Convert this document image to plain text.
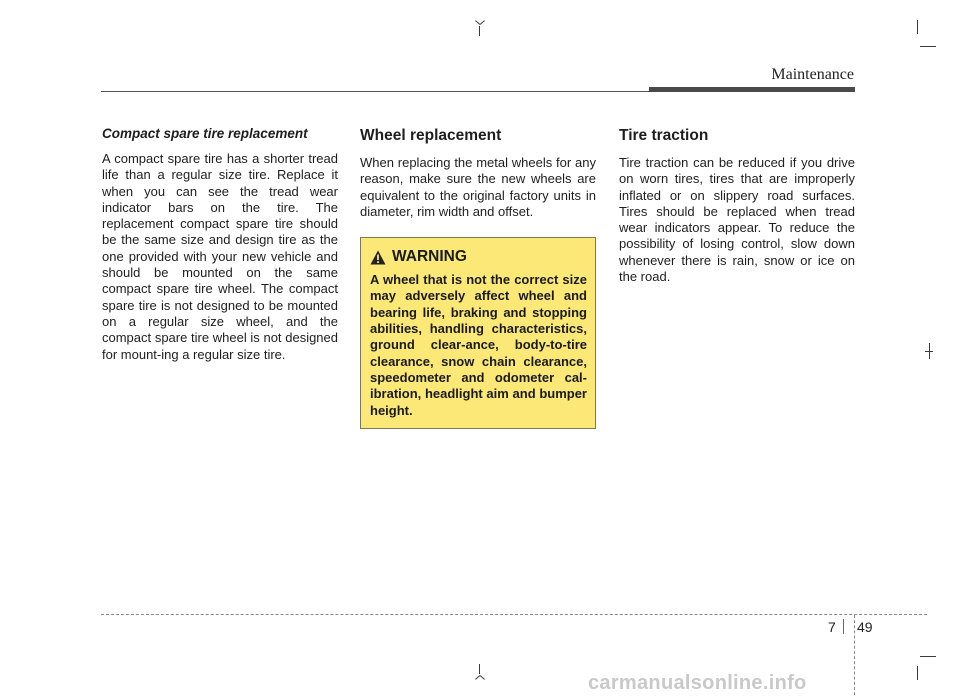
Maintenance
Compact spare tire replacement

A compact spare tire has a shorter tread life than a regular size tire. Replace it when you can see the tread wear indicator bars on the tire. The replacement compact spare tire should be the same size and design tire as the one provided with your new vehicle and should be mounted on the same compact spare tire wheel. The compact spare tire is not designed to be mounted on a regular size wheel, and the compact spare tire wheel is not designed for mount-ing a regular size tire.

Wheel replacement

When replacing the metal wheels for any reason, make sure the new wheels are equivalent to the original factory units in diameter, rim width and offset.

WARNING

A wheel that is not the correct size may adversely affect wheel and bearing life, braking and stopping abilities, handling characteristics, ground clear-ance, body-to-tire clearance, snow chain clearance, speedometer and odometer cal-ibration, headlight aim and bumper height.

Tire traction

Tire traction can be reduced if you drive on worn tires, tires that are improperly inflated or on slippery road surfaces. Tires should be replaced when tread wear indicators appear. To reduce the possibility of losing control, slow down whenever there is rain, snow or ice on the road.

7 49
carmanualsonline.info
